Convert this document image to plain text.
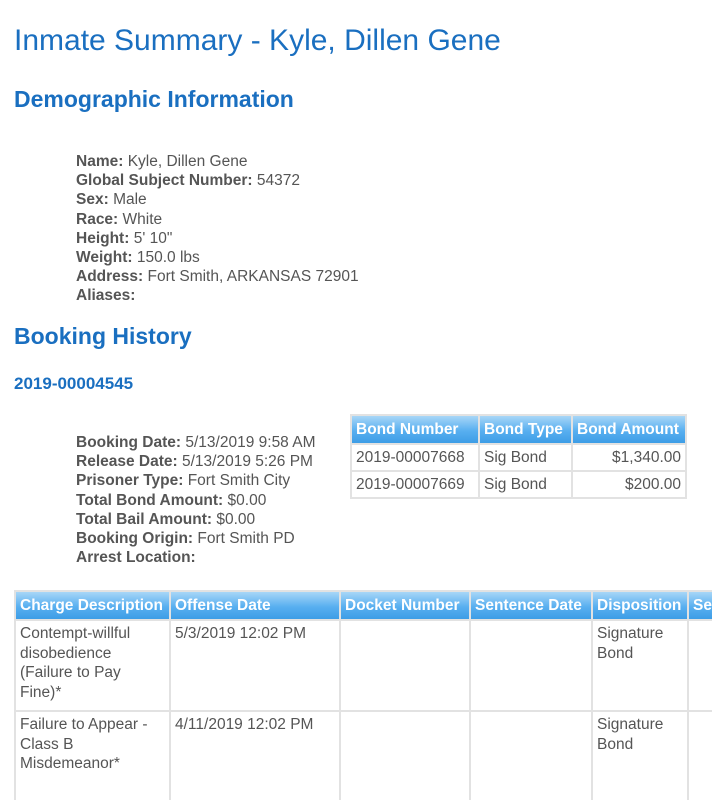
Inmate Summary - Kyle, Dillen Gene
Demographic Information
Name: Kyle, Dillen Gene
Global Subject Number: 54372
Sex: Male
Race: White
Height: 5' 10"
Weight: 150.0 lbs
Address: Fort Smith, ARKANSAS 72901
Aliases:
Booking History
2019-00004545
Booking Date: 5/13/2019 9:58 AM
Release Date: 5/13/2019 5:26 PM
Prisoner Type: Fort Smith City
Total Bond Amount: $0.00
Total Bail Amount: $0.00
Booking Origin: Fort Smith PD
Arrest Location:
Bond Number	Bond Type	Bond Amount
2019-00007668	Sig Bond	$1,340.00
2019-00007669	Sig Bond	$200.00
Charge Description	Offense Date	Docket Number	Sentence Date	Disposition	Se
Contempt-willful disobedience (Failure to Pay Fine)*	5/3/2019 12:02 PM			Signature Bond	
Failure to Appear - Class B Misdemeanor*	4/11/2019 12:02 PM			Signature Bond	
